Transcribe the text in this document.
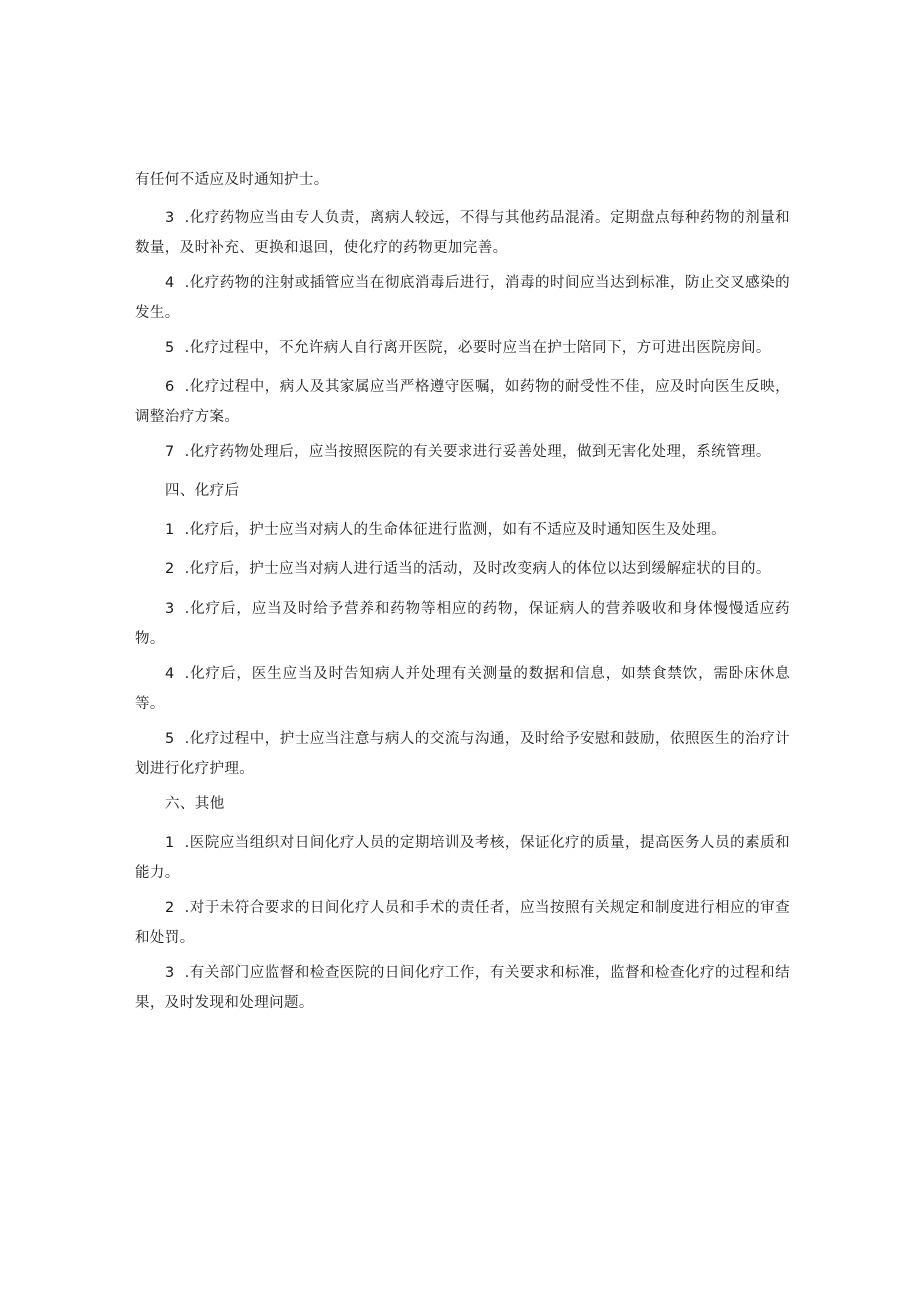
有任何不适应及时通知护士。

3 .化疗药物应当由专人负责，离病人较远，不得与其他药品混淆。定期盘点每种药物的剂量和数量，及时补充、更换和退回，使化疗的药物更加完善。

4 .化疗药物的注射或插管应当在彻底消毒后进行，消毒的时间应当达到标准，防止交叉感染的发生。

5 .化疗过程中，不允许病人自行离开医院，必要时应当在护士陪同下，方可进出医院房间。

6 .化疗过程中，病人及其家属应当严格遵守医嘱，如药物的耐受性不佳，应及时向医生反映，调整治疗方案。

7 .化疗药物处理后，应当按照医院的有关要求进行妥善处理，做到无害化处理，系统管理。

四、化疗后

1 .化疗后，护士应当对病人的生命体征进行监测，如有不适应及时通知医生及处理。

2 .化疗后，护士应当对病人进行适当的活动，及时改变病人的体位以达到缓解症状的目的。

3 .化疗后，应当及时给予营养和药物等相应的药物，保证病人的营养吸收和身体慢慢适应药物。

4 .化疗后，医生应当及时告知病人并处理有关测量的数据和信息，如禁食禁饮，需卧床休息等。

5 .化疗过程中，护士应当注意与病人的交流与沟通，及时给予安慰和鼓励，依照医生的治疗计划进行化疗护理。

六、其他

1 .医院应当组织对日间化疗人员的定期培训及考核，保证化疗的质量，提高医务人员的素质和能力。

2 .对于未符合要求的日间化疗人员和手术的责任者，应当按照有关规定和制度进行相应的审查和处罚。

3 .有关部门应监督和检查医院的日间化疗工作，有关要求和标准，监督和检查化疗的过程和结果，及时发现和处理问题。
